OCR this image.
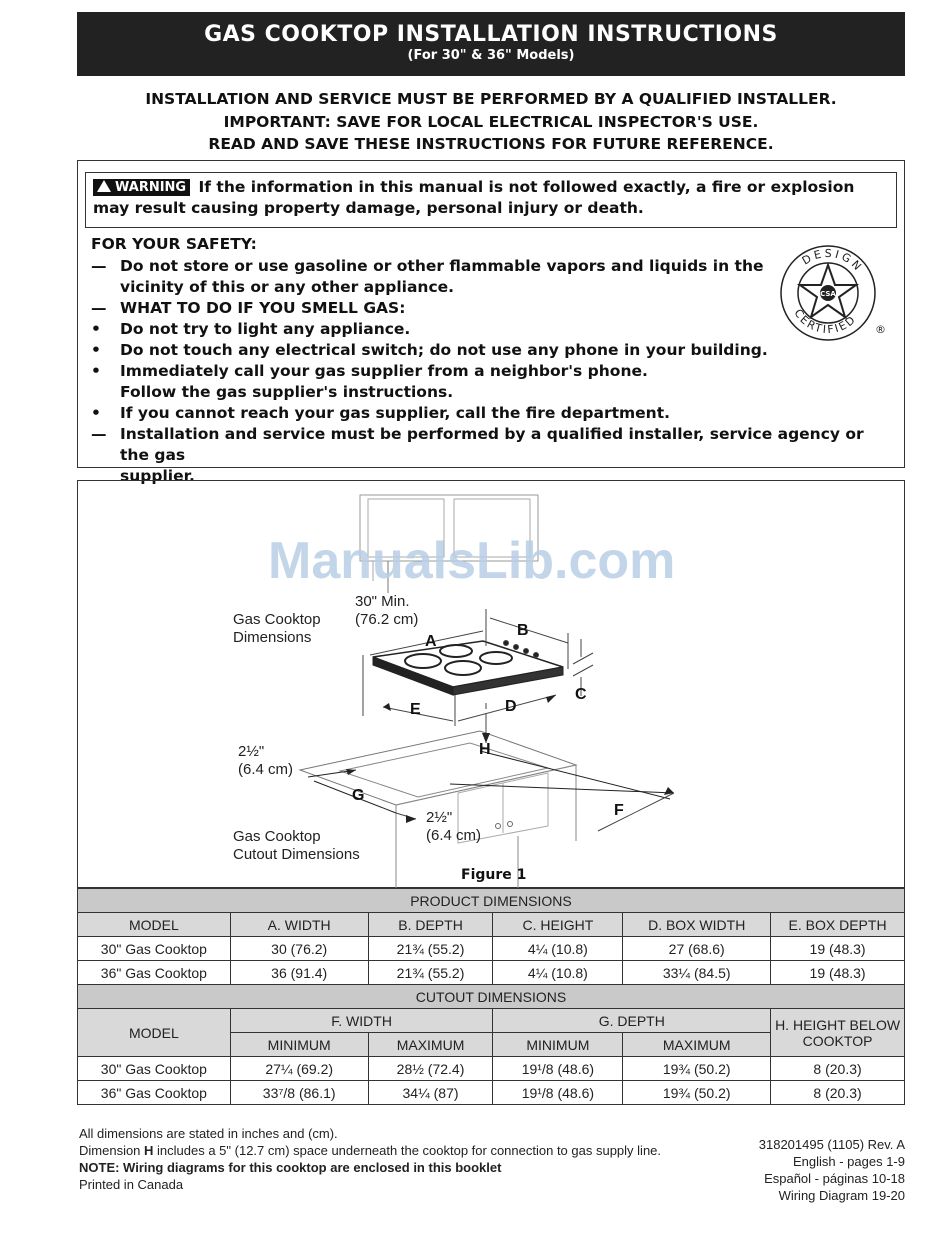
GAS COOKTOP INSTALLATION INSTRUCTIONS
(For 30" & 36" Models)
INSTALLATION AND SERVICE MUST BE PERFORMED BY A QUALIFIED INSTALLER.
IMPORTANT: SAVE FOR LOCAL ELECTRICAL INSPECTOR'S USE.
READ AND SAVE THESE INSTRUCTIONS FOR FUTURE REFERENCE.
WARNING If the information in this manual is not followed exactly, a fire or explosion may result causing property damage, personal injury or death.
FOR YOUR SAFETY:
— Do not store or use gasoline or other flammable vapors and liquids in the
vicinity of this or any other appliance.
— WHAT TO DO IF YOU SMELL GAS:
•	Do not try to light any appliance.
•	Do not touch any electrical switch; do not use any phone in your building.
•	Immediately call your gas supplier from a neighbor's phone.
Follow the gas supplier's instructions.
•	If you cannot reach your gas supplier, call the fire department.
— Installation and service must be performed by a qualified installer, service agency or the gas
supplier.
CSA
DESIGN
CERTIFIED
®
ManualsLib.com
30" Min.
(76.2 cm)
Gas Cooktop
Dimensions
2½"
(6.4 cm)
2½"
(6.4 cm)
Gas Cooktop
Cutout Dimensions
A
B
C
D
E
F
G
H
Figure 1
PRODUCT DIMENSIONS					
MODEL	A. WIDTH	B. DEPTH	C. HEIGHT	D. BOX WIDTH	E. BOX DEPTH
30" Gas Cooktop	30 (76.2)	21¾ (55.2)	4¼ (10.8)	27 (68.6)	19 (48.3)
36" Gas Cooktop	36 (91.4)	21¾ (55.2)	4¼ (10.8)	33¼ (84.5)	19 (48.3)
CUTOUT DIMENSIONS					
MODEL	F. WIDTH		G. DEPTH		H. HEIGHT BELOW COOKTOP
	MINIMUM	MAXIMUM	MINIMUM	MAXIMUM	
30" Gas Cooktop	27¼ (69.2)	28½ (72.4)	19¹/8 (48.6)	19¾ (50.2)	8 (20.3)
36" Gas Cooktop	33⁷/8 (86.1)	34¼ (87)	19¹/8 (48.6)	19¾ (50.2)	8 (20.3)
All dimensions are stated in inches and (cm).
Dimension H includes a 5" (12.7 cm) space underneath the cooktop for connection to gas supply line.
NOTE: Wiring diagrams for this cooktop are enclosed in this booklet
Printed in Canada
318201495 (1105) Rev. A
English - pages 1-9
Español - páginas 10-18
Wiring Diagram 19-20
